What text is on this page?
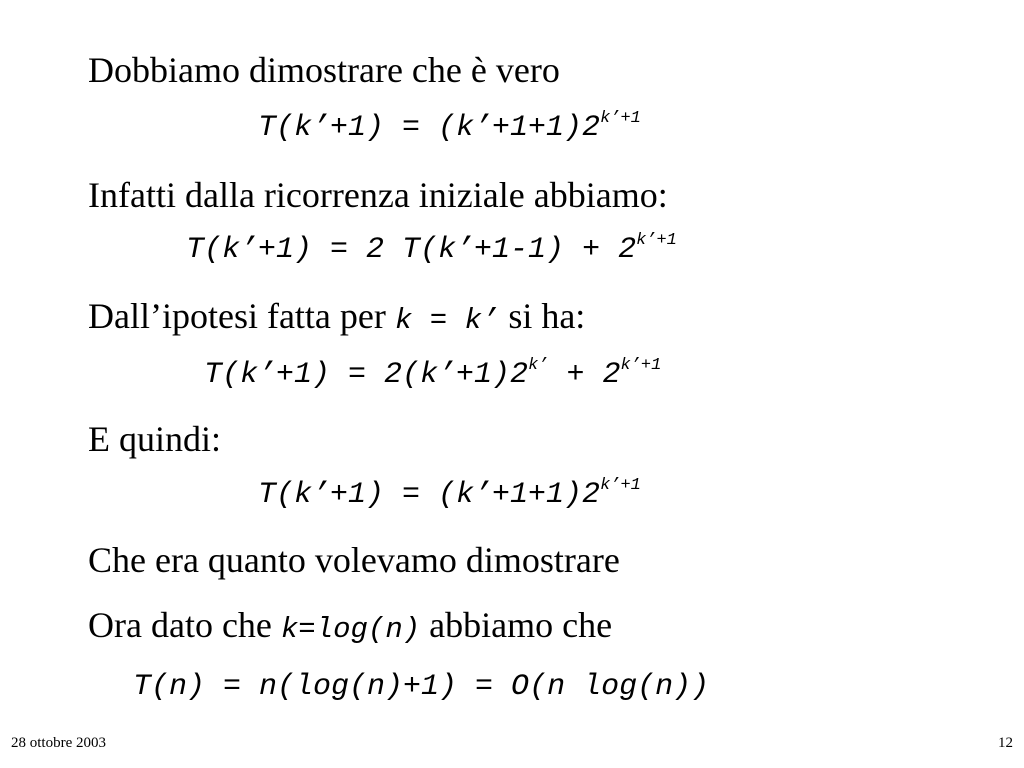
Dobbiamo dimostrare che è vero
T(k’+1) = $(k’+1+1)2^{k’+1}$
Infatti dalla ricorrenza iniziale abbiamo:
T(k’+1) = 2 T(k’+1-1) + $2^{k’+1}$
Dall’ipotesi fatta per k = k’ si ha:
T(k’+1) = $2(k’+1)2^{k’} + 2^{k’+1}$
E quindi:
T(k’+1) = $(k’+1+1)2^{k’+1}$
Che era quanto volevamo dimostrare
Ora dato che k=log(n) abbiamo che
T(n) = n(log(n)+1) = O(n log(n))
28 ottobre 2003	12
